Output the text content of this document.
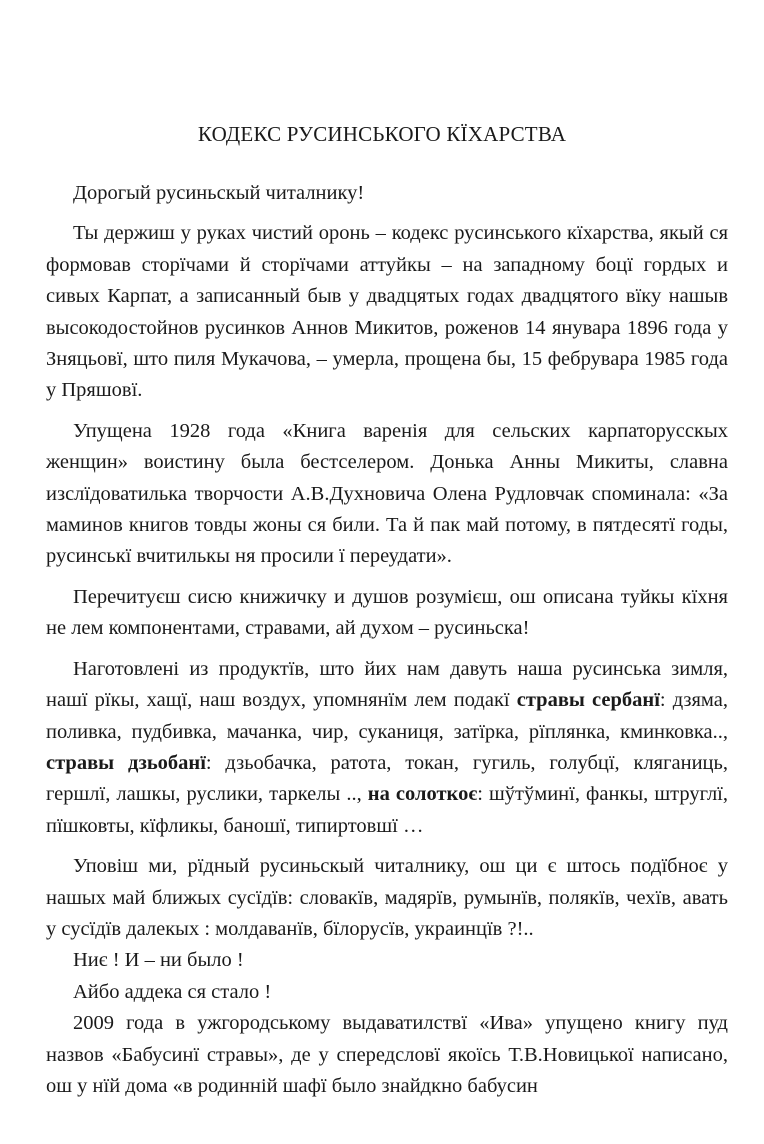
КОДЕКС РУСИНСЬКОГО КЇХАРСТВА

Дорогый русиньскый читалнику!

Ты держиш у руках чистий оронь – кодекс русинського кїхарства, якый ся формовав сторїчами й сторїчами аттуйкы – на западному боцї гордых и сивых Карпат, а записанный быв у двадцятых годах двадцятого вїку нашыв высокодостойнов русинков Аннов Микитов, роженов 14 янувара 1896 года у Зняцьовї, што пиля Мукачова, – умерла, прощена бы, 15 фебрувара 1985 года у Пряшовї.

Упущена 1928 года «Книга варенія для сельских карпаторусскых женщин» воистину была бестселером. Донька Анны Микиты, славна изслїдоватилька творчости А.В.Духновича Олена Рудловчак споминала: «За маминов книгов товды жоны ся били. Та й пак май потому, в пятдесятї годы, русинськї вчитилькы ня просили ї переудати».

Перечитуєш сисю книжичку и душов розумієш, ош описана туйкы кїхня не лем компонентами, стравами, ай духом – русиньска!

Наготовлені из продуктїв, што йих нам давуть наша русинська зимля, нашї рїкы, хащї, наш воздух, упомнянїм лем подакї стравы сербанї: дзяма, поливка, пудбивка, мачанка, чир, суканиця, затїрка, рїплянка, кминковка.., стравы дзьобанї: дзьобачка, ратота, токан, гугиль, голубцї, кляганиць, гершлї, лашкы, руслики, таркелы .., на солоткоє: шўтўминї, фанкы, штруглї, пїшковты, кїфликы, баношї, типиртовшї …

Уповіш ми, рїдный русиньскый читалнику, ош ци є штось подїбноє у нашых май ближых сусїдїв: словакїв, мадярїв, румынїв, полякїв, чехїв, авать у сусїдїв далекых : молдаванїв, бїлорусїв, украинцїв ?!..

Ниє ! И – ни было !

Айбо аддека ся стало !

2009 года в ужгородському выдаватилствї «Ива» упущено книгу пуд назвов «Бабусинї стравы», де у спередсловї якоїсь Т.В.Новицької написано, ош у нїй дома «в родинній шафї было знайдкно бабусин
